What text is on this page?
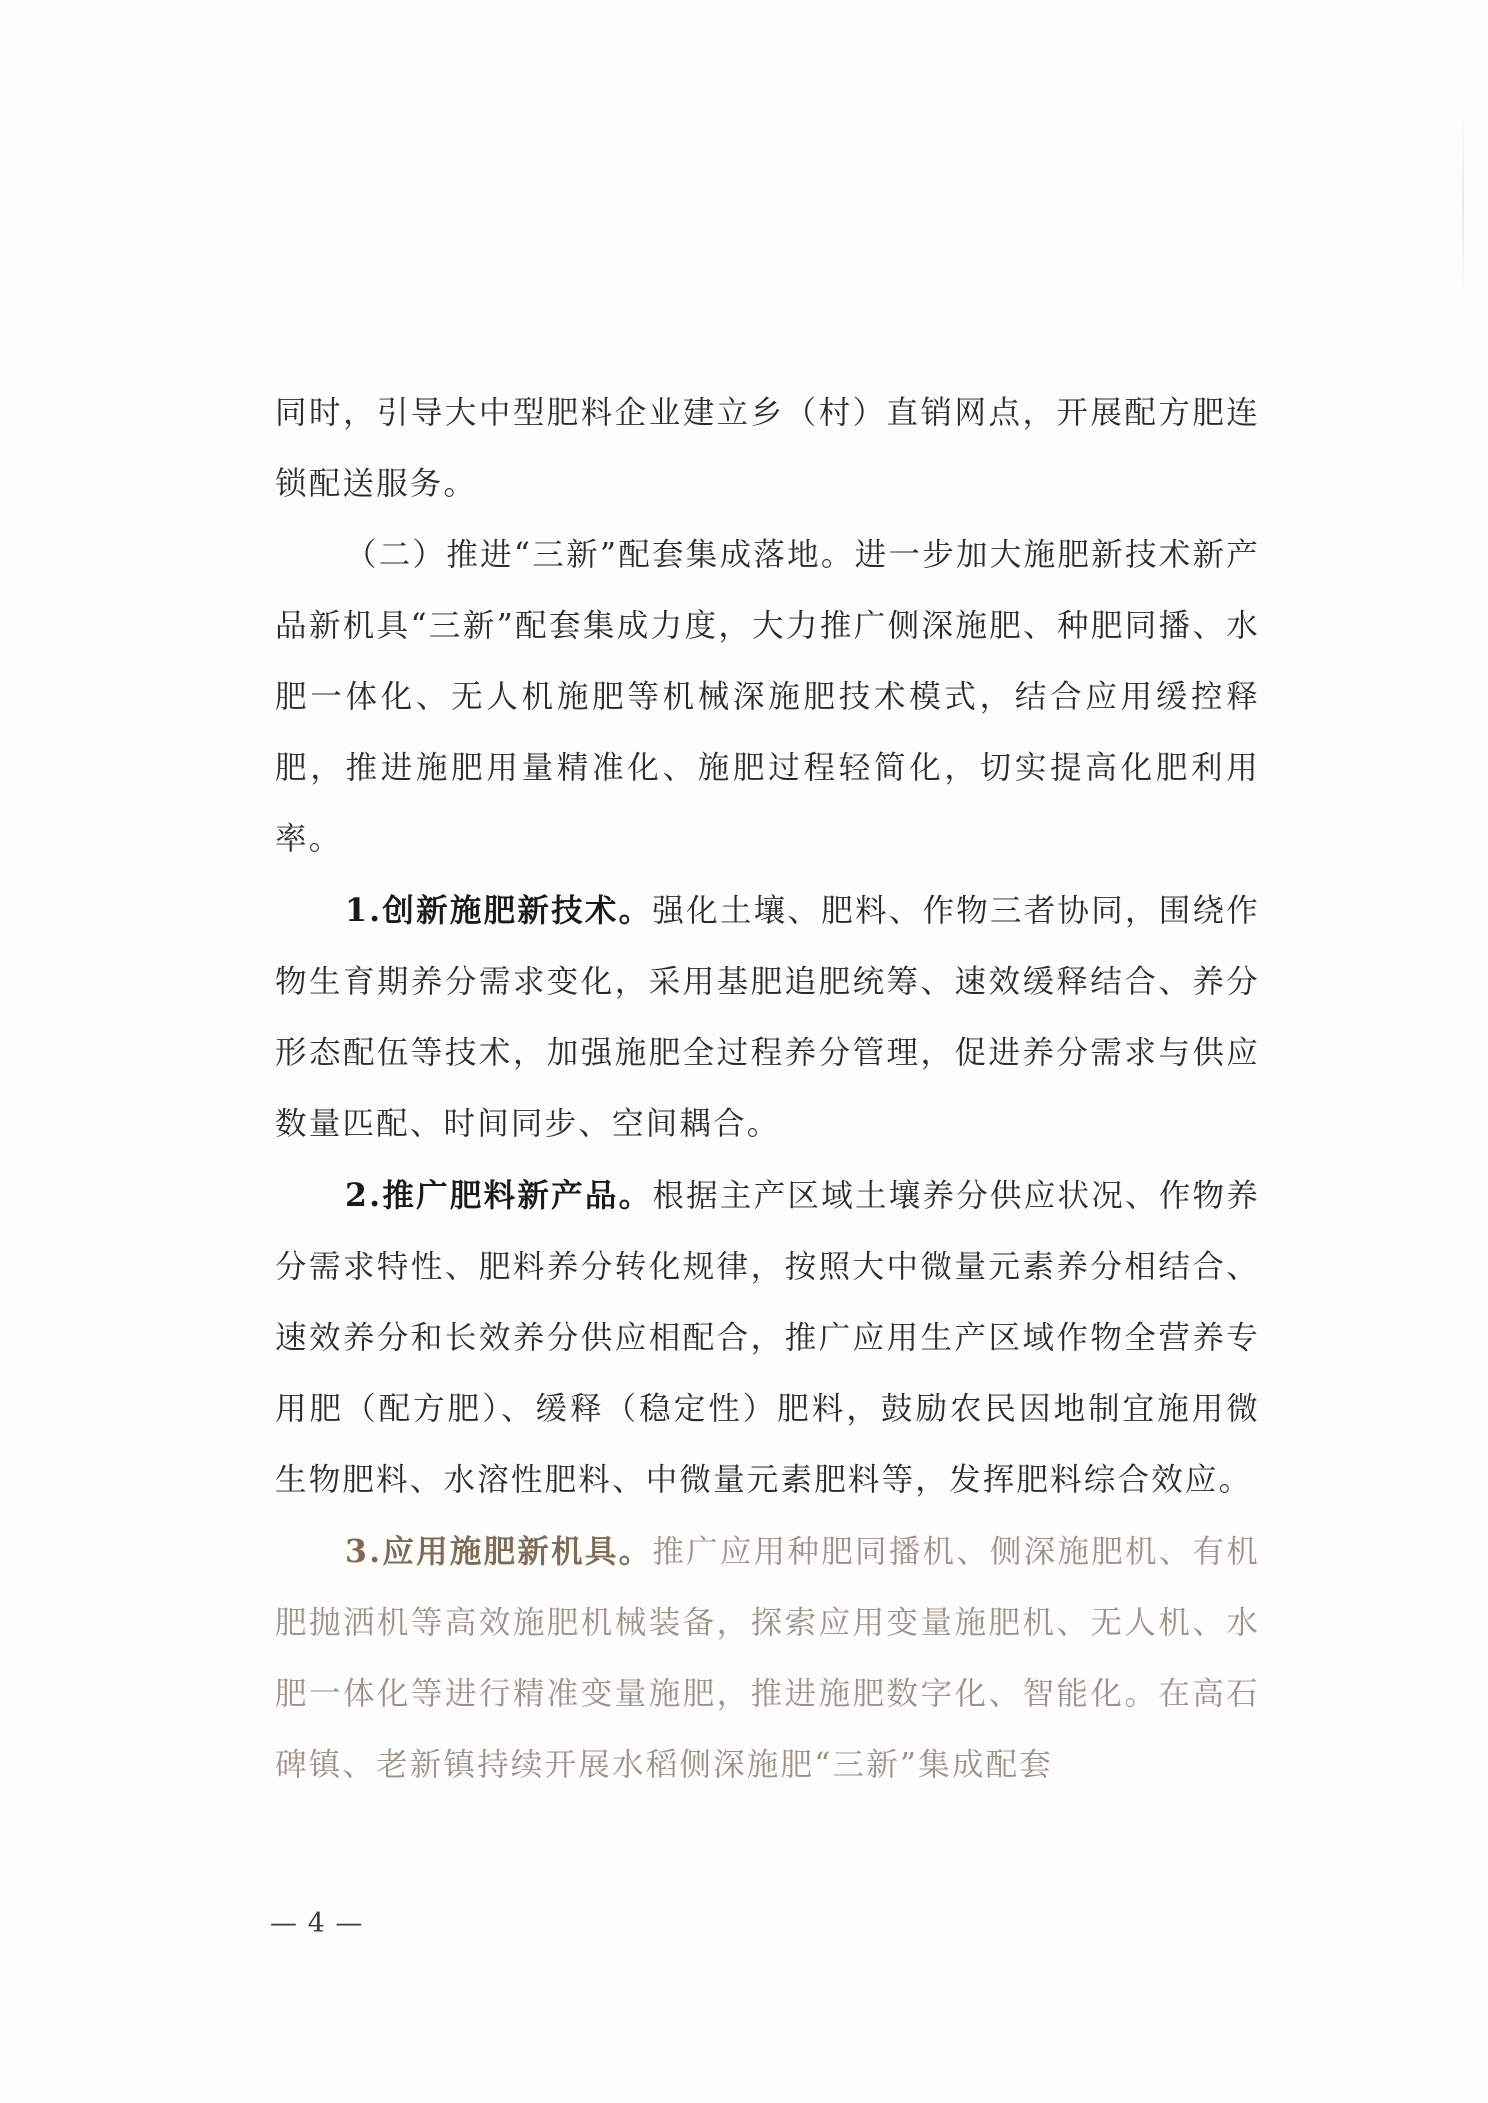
同时，引导大中型肥料企业建立乡（村）直销网点，开展配方肥连锁配送服务。

（二）推进“三新”配套集成落地。进一步加大施肥新技术新产品新机具“三新”配套集成力度，大力推广侧深施肥、种肥同播、水肥一体化、无人机施肥等机械深施肥技术模式，结合应用缓控释肥，推进施肥用量精准化、施肥过程轻简化，切实提高化肥利用率。

1.创新施肥新技术。强化土壤、肥料、作物三者协同，围绕作物生育期养分需求变化，采用基肥追肥统筹、速效缓释结合、养分形态配伍等技术，加强施肥全过程养分管理，促进养分需求与供应数量匹配、时间同步、空间耦合。

2.推广肥料新产品。根据主产区域土壤养分供应状况、作物养分需求特性、肥料养分转化规律，按照大中微量元素养分相结合、速效养分和长效养分供应相配合，推广应用生产区域作物全营养专用肥（配方肥）、缓释（稳定性）肥料，鼓励农民因地制宜施用微生物肥料、水溶性肥料、中微量元素肥料等，发挥肥料综合效应。

3.应用施肥新机具。推广应用种肥同播机、侧深施肥机、有机肥抛洒机等高效施肥机械装备，探索应用变量施肥机、无人机、水肥一体化等进行精准变量施肥，推进施肥数字化、智能化。在高石碑镇、老新镇持续开展水稻侧深施肥“三新”集成配套

— 4 —
